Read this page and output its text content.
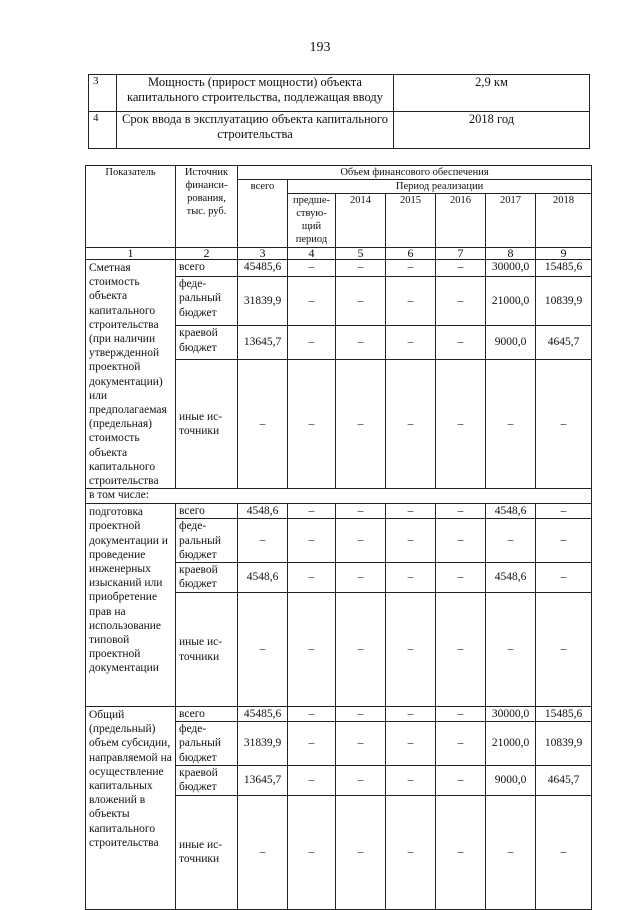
193
3	Мощность (прирост мощности) объекта капитального строительства, подлежащая вводу	2,9 км
4	Срок ввода в эксплуатацию объекта капитального строительства	2018 год
Показатель	Источник финанси-рования, тыс. руб.	Объем финансового обеспечения						
		всего	Период реализации					
			предше-ствую-щий период	2014	2015	2016	2017	2018
1	2	3	4	5	6	7	8	9
Сметная стоимость объекта капитального строительства (при наличии утвержденной проектной документации) или предполагаемая (предельная) стоимость объекта капитального строительства	всего	45485,6	–	–	–	–	30000,0	15485,6
	феде-ральный бюджет	31839,9	–	–	–	–	21000,0	10839,9
	краевой бюджет	13645,7	–	–	–	–	9000,0	4645,7
	иные ис-точники	–	–	–	–	–	–	–
в том числе:								
подготовка проектной документации и проведение инженерных изысканий или приобретение прав на использование типовой проектной документации	всего	4548,6	–	–	–	–	4548,6	–
	феде-ральный бюджет	–	–	–	–	–	–	–
	краевой бюджет	4548,6	–	–	–	–	4548,6	–
	иные ис-точники	–	–	–	–	–	–	–
Общий (предельный) объем субсидии, направляемой на осуществление капитальных вложений в объекты капитального строительства	всего	45485,6	–	–	–	–	30000,0	15485,6
	феде-ральный бюджет	31839,9	–	–	–	–	21000,0	10839,9
	краевой бюджет	13645,7	–	–	–	–	9000,0	4645,7
	иные ис-точники	–	–	–	–	–	–	–
